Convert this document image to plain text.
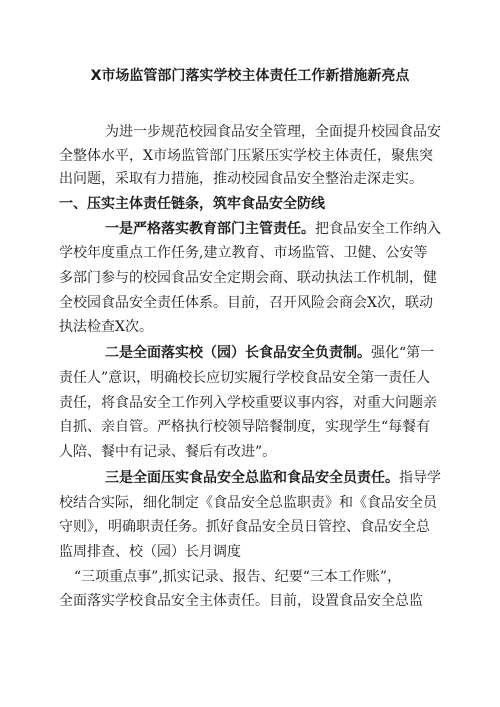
X市场监管部门落实学校主体责任工作新措施新亮点
为进一步规范校园食品安全管理，全面提升校园食品安
全整体水平，X市场监管部门压紧压实学校主体责任，聚焦突
出问题，采取有力措施，推动校园食品安全整治走深走实。
一、压实主体责任链条，筑牢食品安全防线
一是严格落实教育部门主管责任。把食品安全工作纳入
学校年度重点工作任务,建立教育、市场监管、卫健、公安等
多部门参与的校园食品安全定期会商、联动执法工作机制，健
全校园食品安全责任体系。目前，召开风险会商会X次，联动
执法检查X次。
二是全面落实校（园）长食品安全负责制。强化“第一
责任人”意识，明确校长应切实履行学校食品安全第一责任人
责任，将食品安全工作列入学校重要议事内容，对重大问题亲
自抓、亲自管。严格执行校领导陪餐制度，实现学生“每餐有
人陪、餐中有记录、餐后有改进”。
三是全面压实食品安全总监和食品安全员责任。指导学
校结合实际，细化制定《食品安全总监职责》和《食品安全员
守则》，明确职责任务。抓好食品安全员日管控、食品安全总
监周排查、校（园）长月调度
“三项重点事”,抓实记录、报告、纪要“三本工作账”，
全面落实学校食品安全主体责任。目前，设置食品安全总监
